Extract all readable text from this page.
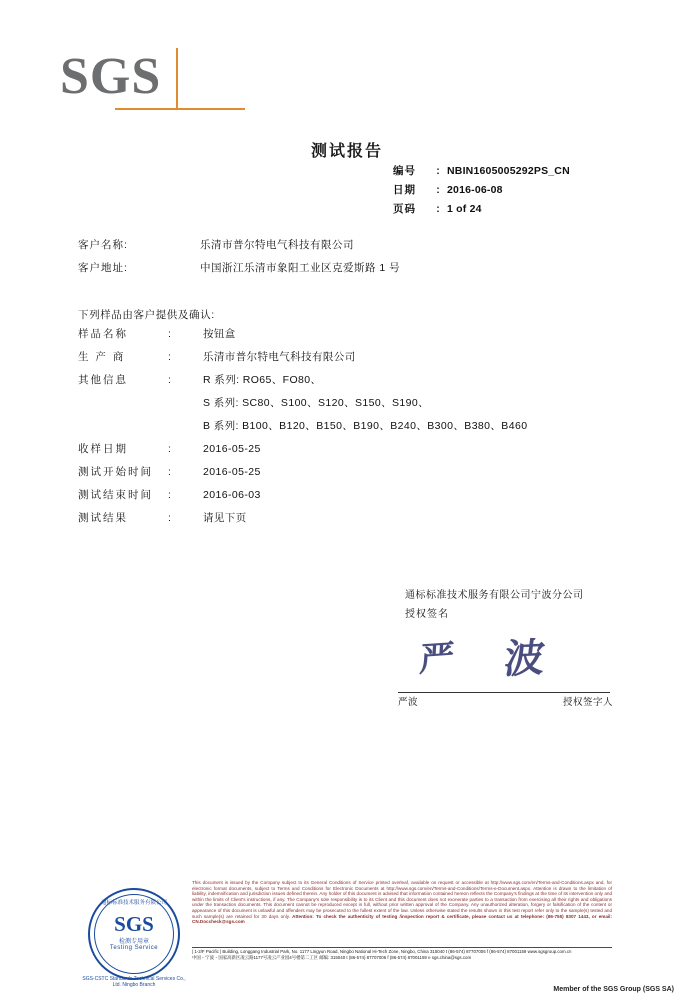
SGS
测试报告
编号	: NBIN1605005292PS_CN
日期	: 2016-06-08
页码	: 1 of 24
客户名称:	乐清市普尔特电气科技有限公司
客户地址:	中国浙江乐清市象阳工业区克爱斯路 1 号
下列样品由客户提供及确认:
样品名称	:	按钮盒
生 产 商	:	乐清市普尔特电气科技有限公司
其他信息	:	R 系列: RO65、FO80、
S 系列: SC80、S100、S120、S150、S190、
B 系列: B100、B120、B150、B190、B240、B300、B380、B460
收样日期	:	2016-05-25
测试开始时间	:	2016-05-25
测试结束时间	:	2016-06-03
测试结果	:	请见下页
通标标准技术服务有限公司宁波分公司
授权签名
严 波
严波	授权签字人
通标标准技术服务有限公司
SGS
检测专用章
Testing Service
SGS-CSTC Standards Technical Services Co., Ltd. Ningbo Branch
This document is issued by the Company subject to its General Conditions of Service printed overleaf, available on request or accessible at http://www.sgs.com/en/Terms-and-Conditions.aspx and, for electronic format documents, subject to Terms and Conditions for Electronic Documents at http://www.sgs.com/en/Terms-and-Conditions/Terms-e-Document.aspx. Attention is drawn to the limitation of liability, indemnification and jurisdiction issues defined therein. Any holder of this document is advised that information contained hereon reflects the Company's findings at the time of its intervention only and within the limits of Client's instructions, if any. The Company's sole responsibility is to its Client and this document does not exonerate parties to a transaction from exercising all their rights and obligations under the transaction documents. This document cannot be reproduced except in full, without prior written approval of the Company. Any unauthorized alteration, forgery or falsification of the content or appearance of this document is unlawful and offenders may be prosecuted to the fullest extent of the law. Unless otherwise stated the results shown in this test report refer only to the sample(s) tested and such sample(s) are retained for 30 days only. Attention: To check the authenticity of testing /inspection report & certificate, please contact us at telephone: (86-755) 8307 1443, or email: CN.Doccheck@sgs.com
| 1-2/F Pacific | Building, Longgang Industrial Park, No. 1177 Lingyun Road, Ningbo National Hi-Tech Zone, Ningbo, China 315040 t (86-574) 87707006 f (86-574) 87001159 www.sgsgroup.com.cn
中国・宁波・国家高新区凌云路1177号凌云产业园4号楼第二工区 邮编: 315040 t (86-574) 87707006 f (86-574) 87001159 e sgs.china@sgs.com
Member of the SGS Group (SGS SA)
